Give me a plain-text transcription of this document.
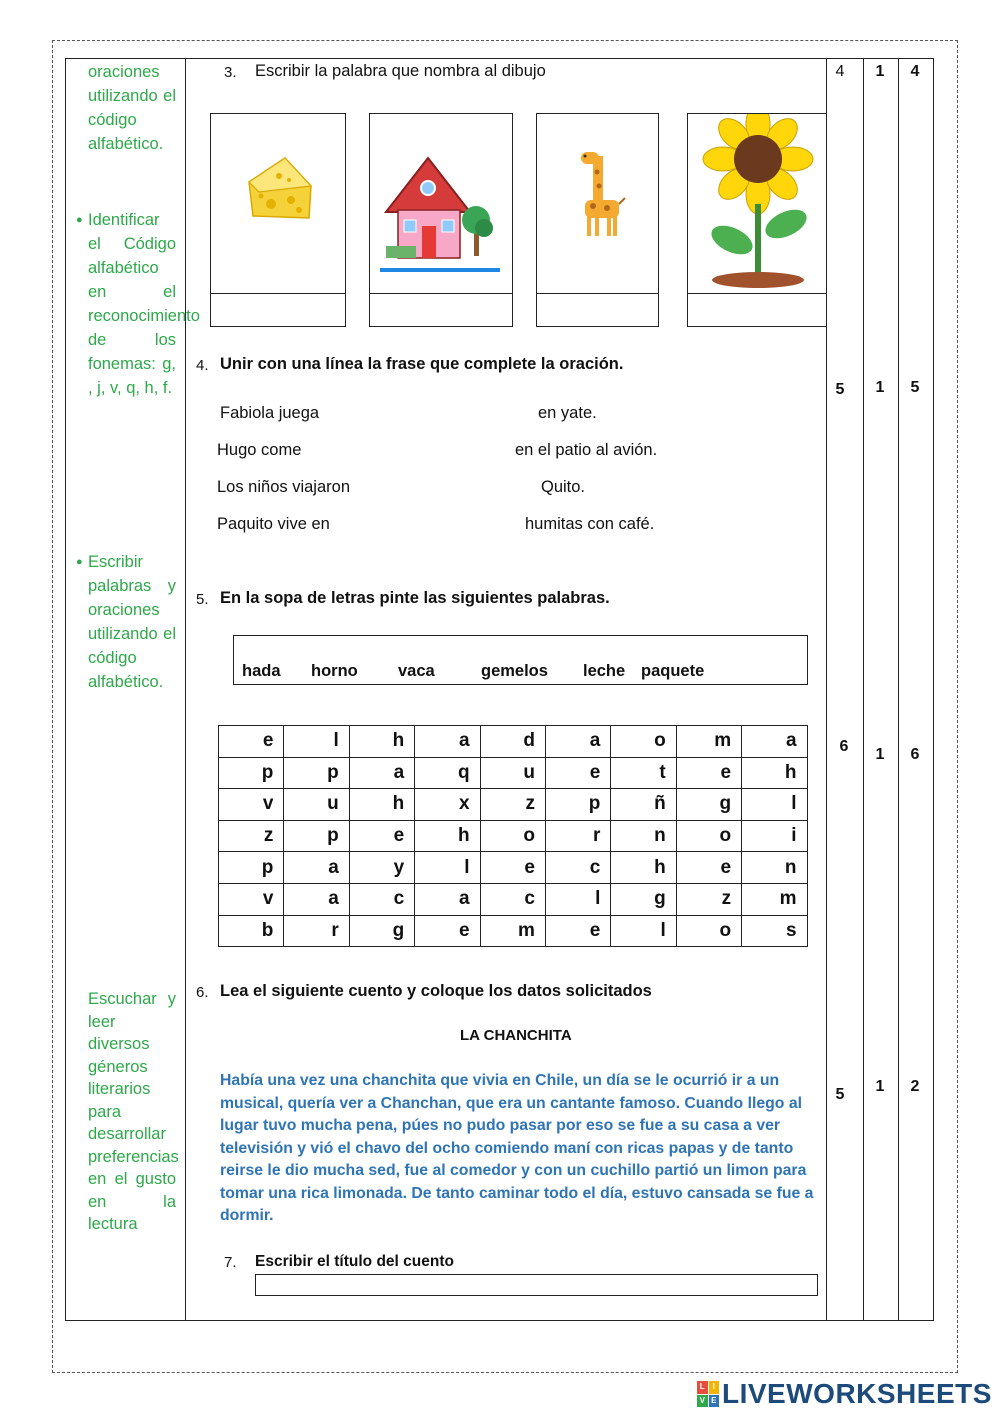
oraciones utilizando el código alfabético.

● Identificar el Código alfabético en el reconocimiento de los fonemas: g, , j, v, q, h, f.

● Escribir palabras y oraciones utilizando el código alfabético.

Escuchar y leer diversos géneros literarios para desarrollar preferencias en el gusto en la lectura

3. Escribir la palabra que nombra al dibujo
4. Unir con una línea la frase que complete la oración.
Fabiola juega
Hugo come
Los niños viajaron
Paquito vive en
en yate.
en el patio al avión.
Quito.
humitas con café.
5. En la sopa de letras pinte las siguientes palabras.
hada horno vaca	gemelos leche paquete
e	l	h	a	d	a	o	m	a
p	p	a	q	u	e	t	e	h
v	u	h	x	z	p	ñ	g	l
z	p	e	h	o	r	n	o	i
p	a	y	l	e	c	h	e	n
v	a	c	a	c	l	g	z	m
b	r	g	e	m	e	l	o	s
6. Lea el siguiente cuento y coloque los datos solicitados
LA CHANCHITA
Había una vez una chanchita que vivia en Chile, un día se le ocurrió ir a un musical, quería ver a Chanchan, que era un cantante famoso. Cuando llego al lugar tuvo mucha pena, púes no pudo pasar por eso se fue a su casa a ver televisión y vió el chavo del ocho comiendo maní con ricas papas y de tanto reirse le dio mucha sed, fue al comedor y con un cuchillo partió un limon para tomar una rica limonada. De tanto caminar todo el día, estuvo cansada se fue a dormir.
7. Escribir el título del cuento
4	1	4
5	1	5
6	1	6
5	1	2
L I
V E LIVEWORKSHEETS
